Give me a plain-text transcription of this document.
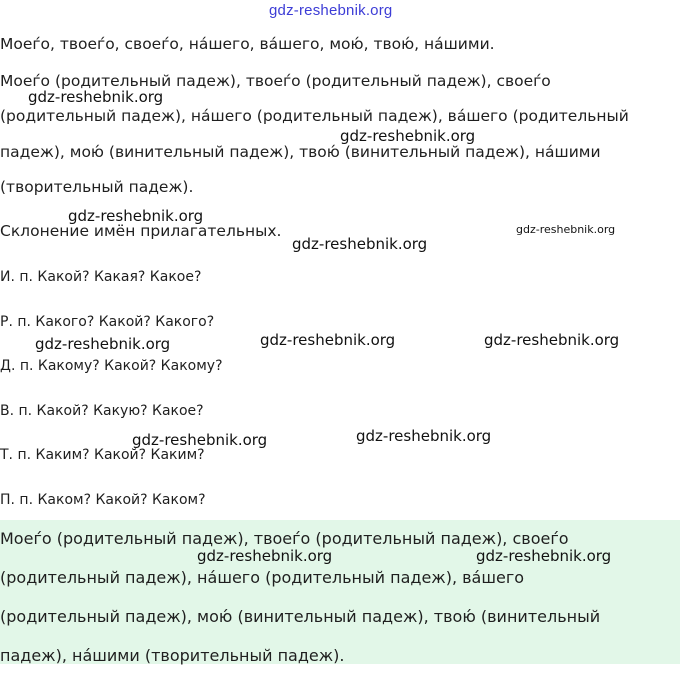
gdz-reshebnik.org

Моеѓо, твоеѓо, своеѓо, на́шего, ва́шего, мою́, твою́, на́шими.

Моеѓо (родительный падеж), твоеѓо (родительный падеж), своеѓо

(родительный падеж), на́шего (родительный падеж), ва́шего (родительный

падеж), мою́ (винительный падеж), твою́ (винительный падеж), на́шими

(творительный падеж).

Склонение имён прилагательных.

И. п. Какой? Какая? Какое?

Р. п. Какого? Какой? Какого?

Д. п. Какому? Какой? Какому?

В. п. Какой? Какую? Какое?

Т. п. Каким? Какой? Каким?

П. п. Каком? Какой? Каком?

Моеѓо (родительный падеж), твоеѓо (родительный падеж), своеѓо

(родительный падеж), на́шего (родительный падеж), ва́шего

(родительный падеж), мою́ (винительный падеж), твою́ (винительный

падеж), на́шими (творительный падеж).

gdz-reshebnik.org
gdz-reshebnik.org
gdz-reshebnik.org
gdz-reshebnik.org
gdz-reshebnik.org
gdz-reshebnik.org	gdz-reshebnik.org	gdz-reshebnik.org
gdz-reshebnik.org	gdz-reshebnik.org
gdz-reshebnik.org	gdz-reshebnik.org
